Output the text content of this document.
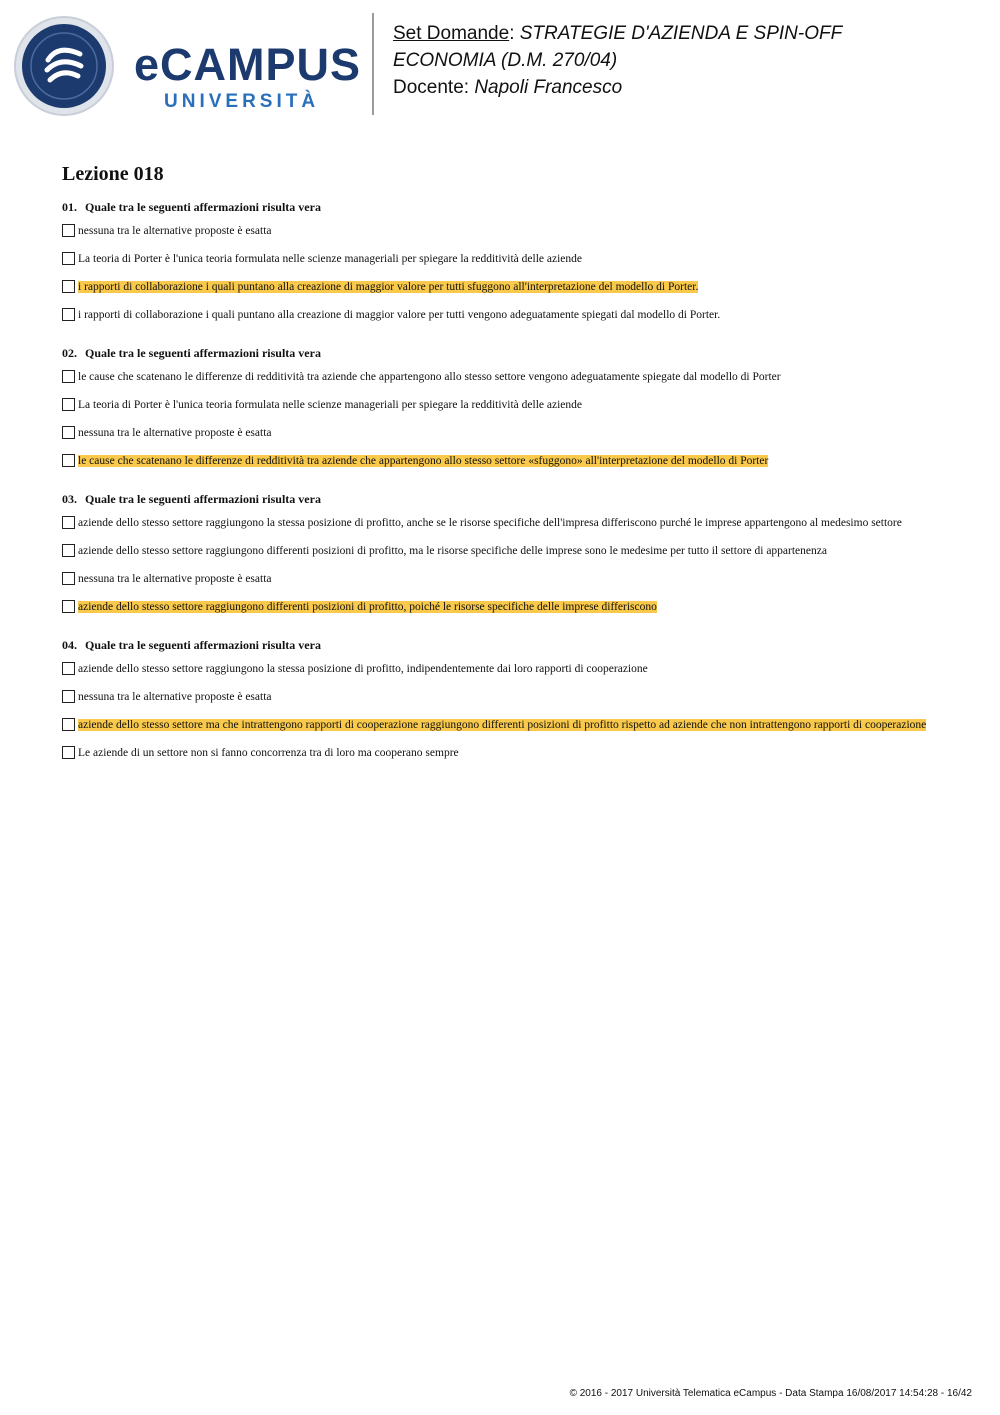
eCAMPUS
UNIVERSITÀ
Set Domande: STRATEGIE D'AZIENDA E SPIN-OFF
ECONOMIA (D.M. 270/04)
Docente: Napoli Francesco
Lezione 018
01. Quale tra le seguenti affermazioni risulta vera
nessuna tra le alternative proposte è esatta
La teoria di Porter è l'unica teoria formulata nelle scienze manageriali per spiegare la redditività delle aziende
i rapporti di collaborazione i quali puntano alla creazione di maggior valore per tutti sfuggono all'interpretazione del modello di Porter.
i rapporti di collaborazione i quali puntano alla creazione di maggior valore per tutti vengono adeguatamente spiegati dal modello di Porter.
02. Quale tra le seguenti affermazioni risulta vera
le cause che scatenano le differenze di redditività tra aziende che appartengono allo stesso settore vengono adeguatamente spiegate dal modello di Porter
La teoria di Porter è l'unica teoria formulata nelle scienze manageriali per spiegare la redditività delle aziende
nessuna tra le alternative proposte è esatta
le cause che scatenano le differenze di redditività tra aziende che appartengono allo stesso settore «sfuggono» all'interpretazione del modello di Porter
03. Quale tra le seguenti affermazioni risulta vera
aziende dello stesso settore raggiungono la stessa posizione di profitto, anche se le risorse specifiche dell'impresa differiscono purché le imprese appartengono al medesimo settore
aziende dello stesso settore raggiungono differenti posizioni di profitto, ma le risorse specifiche delle imprese sono le medesime per tutto il settore di appartenenza
nessuna tra le alternative proposte è esatta
aziende dello stesso settore raggiungono differenti posizioni di profitto, poiché le risorse specifiche delle imprese differiscono
04. Quale tra le seguenti affermazioni risulta vera
aziende dello stesso settore raggiungono la stessa posizione di profitto, indipendentemente dai loro rapporti di cooperazione
nessuna tra le alternative proposte è esatta
aziende dello stesso settore ma che intrattengono rapporti di cooperazione raggiungono differenti posizioni di profitto rispetto ad aziende che non intrattengono rapporti di cooperazione
Le aziende di un settore non si fanno concorrenza tra di loro ma cooperano sempre
© 2016 - 2017 Università Telematica eCampus - Data Stampa 16/08/2017 14:54:28 - 16/42
